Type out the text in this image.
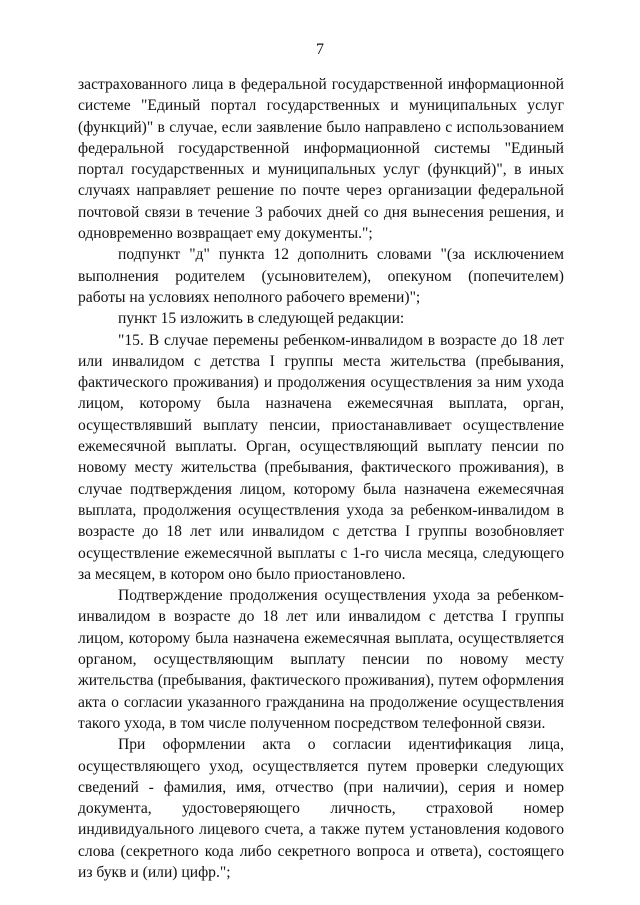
7

застрахованного лица в федеральной государственной информационной системе "Единый портал государственных и муниципальных услуг (функций)" в случае, если заявление было направлено с использованием федеральной государственной информационной системы "Единый портал государственных и муниципальных услуг (функций)", в иных случаях направляет решение по почте через организации федеральной почтовой связи в течение 3 рабочих дней со дня вынесения решения, и одновременно возвращает ему документы.";

подпункт "д" пункта 12 дополнить словами "(за исключением выполнения родителем (усыновителем), опекуном (попечителем) работы на условиях неполного рабочего времени)";

пункт 15 изложить в следующей редакции:

"15. В случае перемены ребенком-инвалидом в возрасте до 18 лет или инвалидом с детства I группы места жительства (пребывания, фактического проживания) и продолжения осуществления за ним ухода лицом, которому была назначена ежемесячная выплата, орган, осуществлявший выплату пенсии, приостанавливает осуществление ежемесячной выплаты. Орган, осуществляющий выплату пенсии по новому месту жительства (пребывания, фактического проживания), в случае подтверждения лицом, которому была назначена ежемесячная выплата, продолжения осуществления ухода за ребенком-инвалидом в возрасте до 18 лет или инвалидом с детства I группы возобновляет осуществление ежемесячной выплаты с 1-го числа месяца, следующего за месяцем, в котором оно было приостановлено.

Подтверждение продолжения осуществления ухода за ребенком-инвалидом в возрасте до 18 лет или инвалидом с детства I группы лицом, которому была назначена ежемесячная выплата, осуществляется органом, осуществляющим выплату пенсии по новому месту жительства (пребывания, фактического проживания), путем оформления акта о согласии указанного гражданина на продолжение осуществления такого ухода, в том числе полученном посредством телефонной связи.

При оформлении акта о согласии идентификация лица, осуществляющего уход, осуществляется путем проверки следующих сведений - фамилия, имя, отчество (при наличии), серия и номер документа, удостоверяющего личность, страховой номер индивидуального лицевого счета, а также путем установления кодового слова (секретного кода либо секретного вопроса и ответа), состоящего из букв и (или) цифр.";
